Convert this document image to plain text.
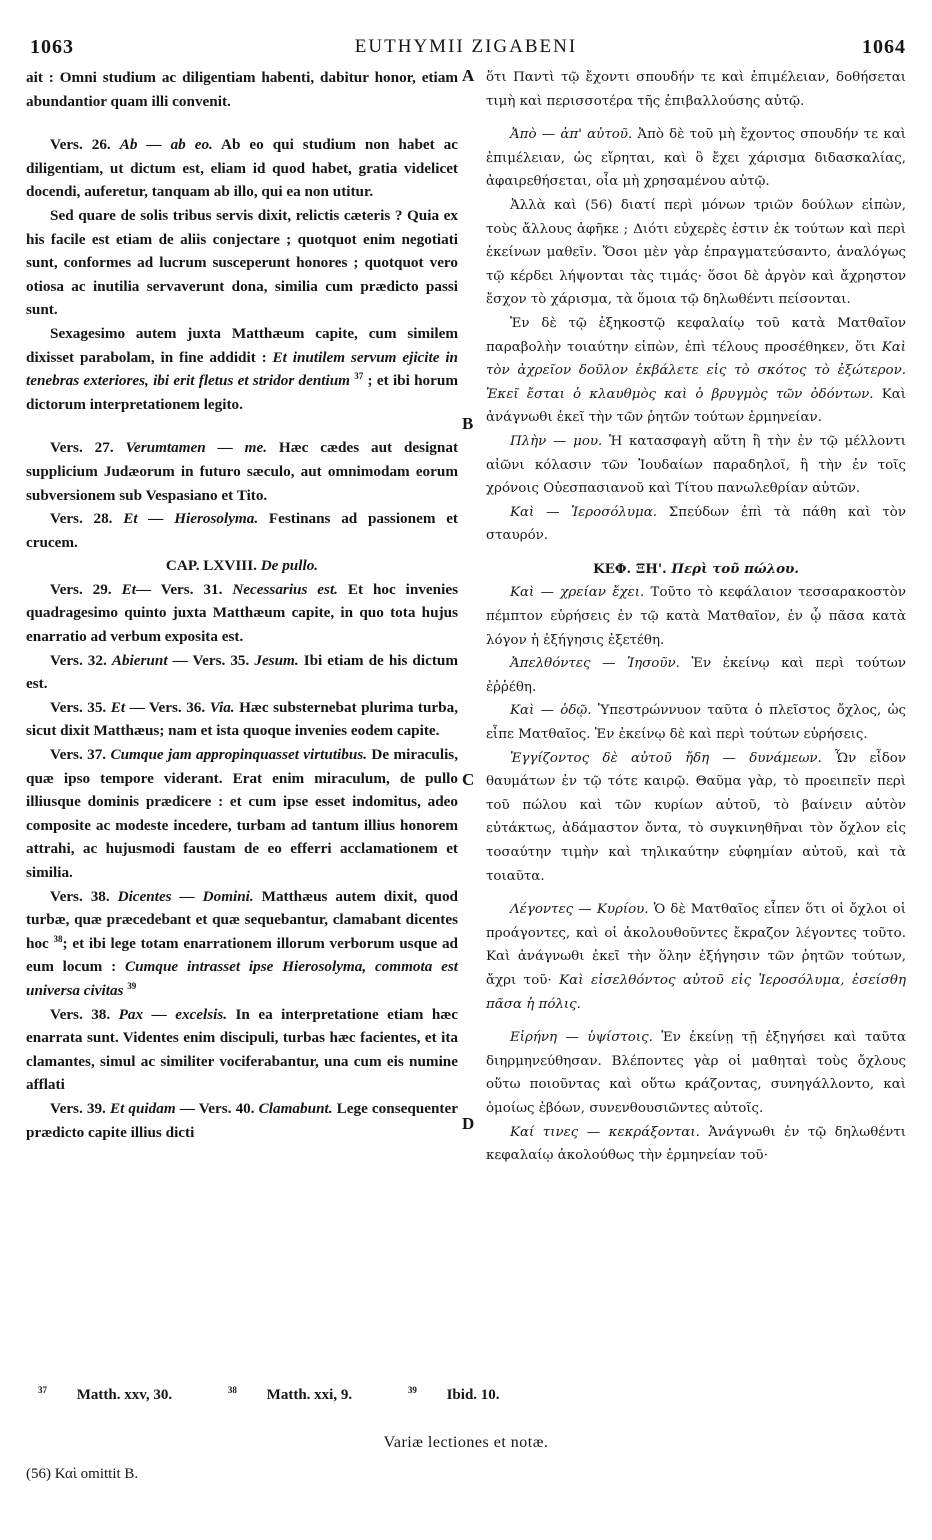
1063	EUTHYMII ZIGABENI	1064
A
B
C
D

ait : Omni studium ac diligentiam habenti, dabitur honor, etiam abundantior quam illi convenit.

Vers. 26. Ab — ab eo. Ab eo qui studium non habet ac diligentiam, ut dictum est, eliam id quod habet, gratia videlicet docendi, auferetur, tanquam ab illo, qui ea non utitur.

Sed quare de solis tribus servis dixit, relictis cæteris ? Quia ex his facile est etiam de aliis conjectare ; quotquot enim negotiati sunt, conformes ad lucrum susceperunt honores ; quotquot vero otiosa ac inutilia servaverunt dona, similia cum prædicto passi sunt.

Sexagesimo autem juxta Matthæum capite, cum similem dixisset parabolam, in fine addidit : Et inutilem servum ejicite in tenebras exteriores, ibi erit fletus et stridor dentium $^{37}$ ; et ibi horum dictorum interpretationem legito.

Vers. 27. Verumtamen — me. Hæc cædes aut designat supplicium Judæorum in futuro sæculo, aut omnimodam eorum subversionem sub Vespasiano et Tito.

Vers. 28. Et — Hierosolyma. Festinans ad passionem et crucem.

CAP. LXVIII. De pullo.

Vers. 29. Et— Vers. 31. Necessarius est. Et hoc invenies quadragesimo quinto juxta Matthæum capite, in quo tota hujus enarratio ad verbum exposita est.

Vers. 32. Abierunt — Vers. 35. Jesum. Ibi etiam de his dictum est.

Vers. 35. Et — Vers. 36. Via. Hæc substernebat plurima turba, sicut dixit Matthæus; nam et ista quoque invenies eodem capite.

Vers. 37. Cumque jam appropinquasset virtutibus. De miraculis, quæ ipso tempore viderant. Erat enim miraculum, de pullo illiusque dominis prædicere : et cum ipse esset indomitus, adeo composite ac modeste incedere, turbam ad tantum illius honorem attrahi, ac hujusmodi faustam de eo efferri acclamationem et similia.

Vers. 38. Dicentes — Domini. Matthæus autem dixit, quod turbæ, quæ præcedebant et quæ sequebantur, clamabant dicentes hoc $^{38}$; et ibi lege totam enarrationem illorum verborum usque ad eum locum : Cumque intrasset ipse Hierosolyma, commota est universa civitas $^{39}$

Vers. 38. Pax — excelsis. In ea interpretatione etiam hæc enarrata sunt. Videntes enim discipuli, turbas hæc facientes, et ita clamantes, simul ac similiter vociferabantur, una cum eis numine afflati

Vers. 39. Et quidam — Vers. 40. Clamabunt. Lege consequenter prædicto capite illius dicti

ὅτι Παντὶ τῷ ἔχοντι σπουδήν τε καὶ ἐπιμέλειαν, δοθήσεται τιμὴ καὶ περισσοτέρα τῆς ἐπιβαλλούσης αὐτῷ.

Ἀπὸ — ἀπ' αὐτοῦ. Ἀπὸ δὲ τοῦ μὴ ἔχοντος σπουδήν τε καὶ ἐπιμέλειαν, ὡς εἴρηται, καὶ ὃ ἔχει χάρισμα διδασκαλίας, ἀφαιρεθήσεται, οἷα μὴ χρησαμένου αὐτῷ.

Ἀλλὰ καὶ (56) διατί περὶ μόνων τριῶν δούλων εἰπὼν, τοὺς ἄλλους ἀφῆκε ; Διότι εὐχερὲς ἐστιν ἐκ τούτων καὶ περὶ ἐκείνων μαθεῖν. Ὅσοι μὲν γὰρ ἐπραγματεύσαντο, ἀναλόγως τῷ κέρδει λήψονται τὰς τιμάς· ὅσοι δὲ ἀργὸν καὶ ἄχρηστον ἔσχον τὸ χάρισμα, τὰ ὅμοια τῷ δηλωθέντι πείσονται.

Ἐν δὲ τῷ ἑξηκοστῷ κεφαλαίῳ τοῦ κατὰ Ματθαῖον παραβολὴν τοιαύτην εἰπὼν, ἐπὶ τέλους προσέθηκεν, ὅτι Καὶ τὸν ἀχρεῖον δοῦλον ἐκβάλετε εἰς τὸ σκότος τὸ ἐξώτερον. Ἐκεῖ ἔσται ὁ κλαυθμὸς καὶ ὁ βρυγμὸς τῶν ὀδόντων. Καὶ ἀνάγνωθι ἐκεῖ τὴν τῶν ῥητῶν τούτων ἑρμηνείαν.

Πλὴν — μου. Ἡ κατασφαγὴ αὕτη ἢ τὴν ἐν τῷ μέλλοντι αἰῶνι κόλασιν τῶν Ἰουδαίων παραδηλοῖ, ἢ τὴν ἐν τοῖς χρόνοις Οὐεσπασιανοῦ καὶ Τίτου πανωλεθρίαν αὐτῶν.

Καὶ — Ἱεροσόλυμα. Σπεύδων ἐπὶ τὰ πάθη καὶ τὸν σταυρόν.

ΚΕΦ. ΞΗ'. Περὶ τοῦ πώλου.

Καὶ — χρείαν ἔχει. Τοῦτο τὸ κεφάλαιον τεσσαρακοστὸν πέμπτον εὑρήσεις ἐν τῷ κατὰ Ματθαῖον, ἐν ᾧ πᾶσα κατὰ λόγον ἡ ἐξήγησις ἐξετέθη.

Ἀπελθόντες — Ἰησοῦν. Ἐν ἐκείνῳ καὶ περὶ τούτων ἐῤῥέθη.

Καὶ — ὁδῷ. Ὑπεστρώννυον ταῦτα ὁ πλεῖστος ὄχλος, ὡς εἶπε Ματθαῖος. Ἐν ἐκείνῳ δὲ καὶ περὶ τούτων εὑρήσεις.

Ἐγγίζοντος δὲ αὐτοῦ ἤδη — δυνάμεων. Ὧν εἶδον θαυμάτων ἐν τῷ τότε καιρῷ. Θαῦμα γὰρ, τὸ προειπεῖν περὶ τοῦ πώλου καὶ τῶν κυρίων αὐτοῦ, τὸ βαίνειν αὐτὸν εὐτάκτως, ἀδάμαστον ὄντα, τὸ συγκινηθῆναι τὸν ὄχλον εἰς τοσαύτην τιμὴν καὶ τηλικαύτην εὐφημίαν αὐτοῦ, καὶ τὰ τοιαῦτα.

Λέγοντες — Κυρίου. Ὁ δὲ Ματθαῖος εἶπεν ὅτι οἱ ὄχλοι οἱ προάγοντες, καὶ οἱ ἀκολουθοῦντες ἔκραζον λέγοντες τοῦτο. Καὶ ἀνάγνωθι ἐκεῖ τὴν ὅλην ἐξήγησιν τῶν ῥητῶν τούτων, ἄχρι τοῦ· Καὶ εἰσελθόντος αὐτοῦ εἰς Ἱεροσόλυμα, ἐσείσθη πᾶσα ἡ πόλις.

Εἰρήνη — ὑψίστοις. Ἐν ἐκείνῃ τῇ ἐξηγήσει καὶ ταῦτα διηρμηνεύθησαν. Βλέποντες γὰρ οἱ μαθηταὶ τοὺς ὄχλους οὕτω ποιοῦντας καὶ οὕτω κράζοντας, συνηγάλλοντο, καὶ ὁμοίως ἐβόων, συνενθουσιῶντες αὐτοῖς.

Καί τινες — κεκράξονται. Ἀνάγνωθι ἐν τῷ δηλωθέντι κεφαλαίῳ ἀκολούθως τὴν ἑρμηνείαν τοῦ·

$^{37}$ Matth. xxv, 30.	$^{38}$ Matth. xxi, 9.	$^{39}$ Ibid. 10.
Variæ lectiones et notæ.
(56) Καὶ omittit B.
